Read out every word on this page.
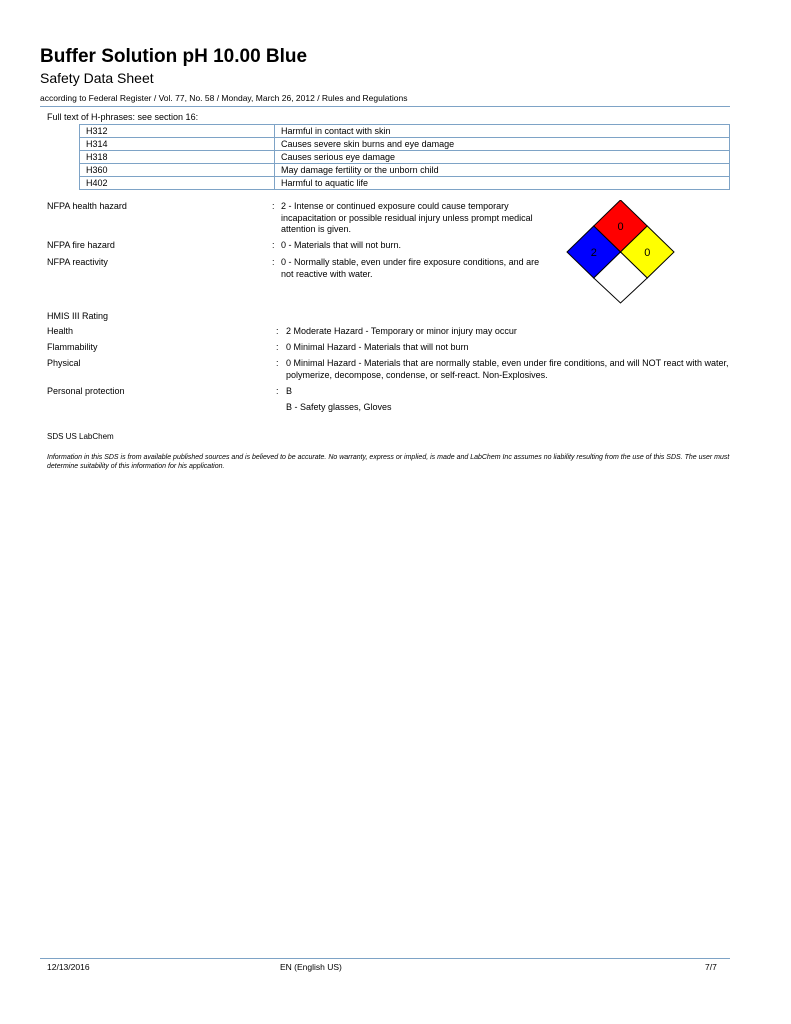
Buffer Solution pH 10.00 Blue
Safety Data Sheet
according to Federal Register / Vol. 77, No. 58 / Monday, March 26, 2012 / Rules and Regulations
Full text of H-phrases: see section 16:
H312	Harmful in contact with skin
H314	Causes severe skin burns and eye damage
H318	Causes serious eye damage
H360	May damage fertility or the unborn child
H402	Harmful to aquatic life
NFPA health hazard	: 2 - Intense or continued exposure could cause temporary incapacitation or possible residual injury unless prompt medical attention is given.
NFPA fire hazard	: 0 - Materials that will not burn.
NFPA reactivity	: 0 - Normally stable, even under fire exposure conditions, and are not reactive with water.
0
2	0
HMIS III Rating
Health	: 2 Moderate Hazard - Temporary or minor injury may occur
Flammability	: 0 Minimal Hazard - Materials that will not burn
Physical	: 0 Minimal Hazard - Materials that are normally stable, even under fire conditions, and will NOT react with water, polymerize, decompose, condense, or self-react. Non-Explosives.
Personal protection	: B
B - Safety glasses, Gloves
SDS US LabChem
Information in this SDS is from available published sources and is believed to be accurate. No warranty, express or implied, is made and LabChem Inc assumes no liability resulting from the use of this SDS. The user must determine suitability of this information for his application.
12/13/2016	EN (English US)	7/7
